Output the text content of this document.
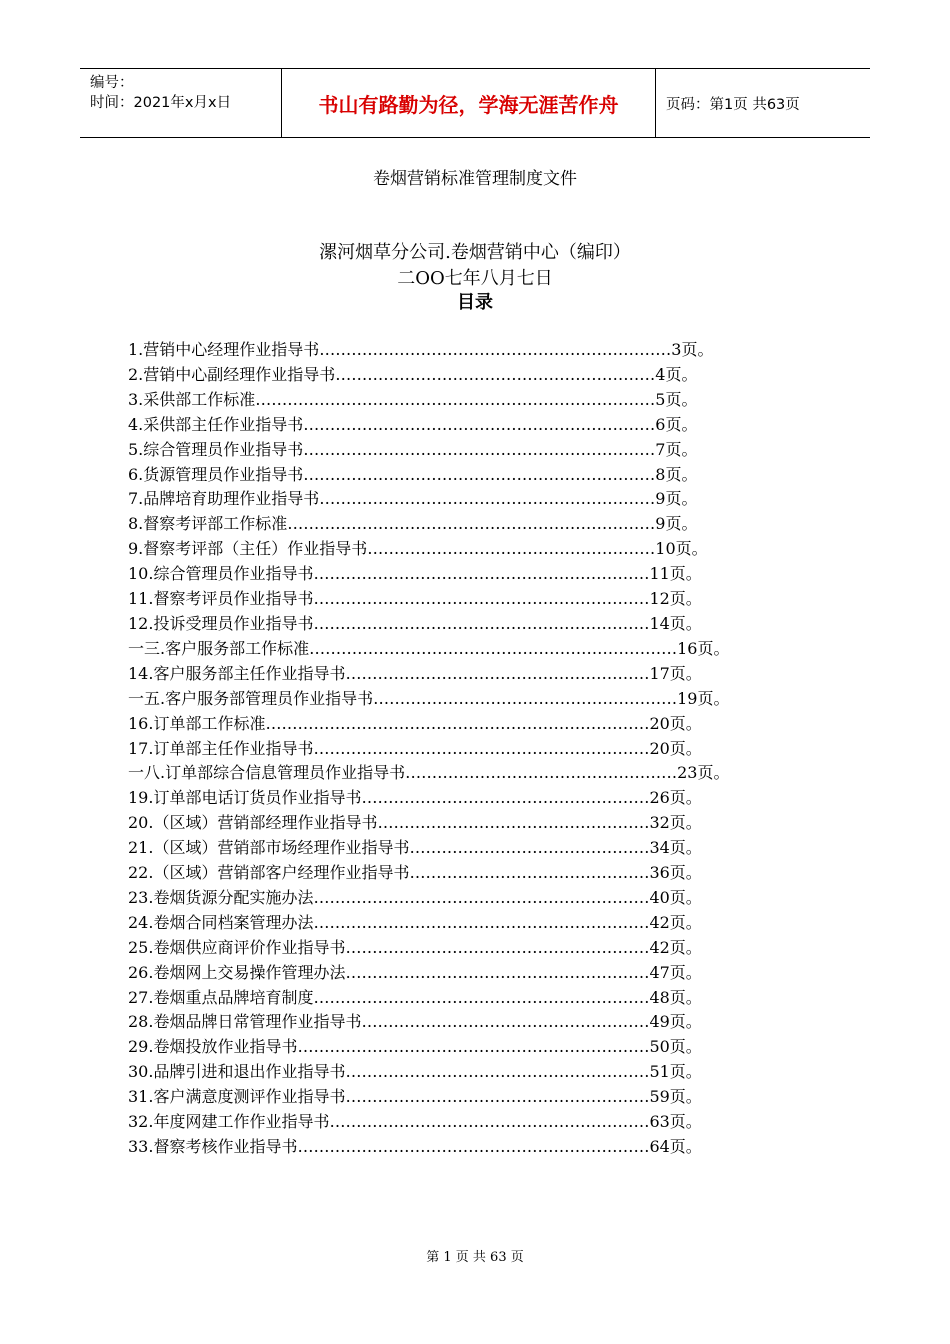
编号：
时间：2021年x月x日	书山有路勤为径，学海无涯苦作舟	页码：第1页 共63页
卷烟营销标准管理制度文件
漯河烟草分公司.卷烟营销中心（编印）
二OO七年八月七日
目录
1.营销中心经理作业指导书…………………………………………………………3页。
2.营销中心副经理作业指导书……………………………………………………4页。
3.采供部工作标准…………………………………………………………………5页。
4.采供部主任作业指导书…………………………………………………………6页。
5.综合管理员作业指导书…………………………………………………………7页。
6.货源管理员作业指导书…………………………………………………………8页。
7.品牌培育助理作业指导书………………………………………………………9页。
8.督察考评部工作标准……………………………………………………………9页。
9.督察考评部（主任）作业指导书………………………………………………10页。
10.综合管理员作业指导书………………………………………………………11页。
11.督察考评员作业指导书………………………………………………………12页。
12.投诉受理员作业指导书………………………………………………………14页。
一三.客户服务部工作标准……………………………………………………………16页。
14.客户服务部主任作业指导书…………………………………………………17页。
一五.客户服务部管理员作业指导书…………………………………………………19页。
16.订单部工作标准………………………………………………………………20页。
17.订单部主任作业指导书………………………………………………………20页。
一八.订单部综合信息管理员作业指导书……………………………………………23页。
19.订单部电话订货员作业指导书………………………………………………26页。
20.（区域）营销部经理作业指导书……………………………………………32页。
21.（区域）营销部市场经理作业指导书………………………………………34页。
22.（区域）营销部客户经理作业指导书………………………………………36页。
23.卷烟货源分配实施办法………………………………………………………40页。
24.卷烟合同档案管理办法………………………………………………………42页。
25.卷烟供应商评价作业指导书…………………………………………………42页。
26.卷烟网上交易操作管理办法…………………………………………………47页。
27.卷烟重点品牌培育制度………………………………………………………48页。
28.卷烟品牌日常管理作业指导书………………………………………………49页。
29.卷烟投放作业指导书…………………………………………………………50页。
30.品牌引进和退出作业指导书…………………………………………………51页。
31.客户满意度测评作业指导书…………………………………………………59页。
32.年度网建工作作业指导书……………………………………………………63页。
33.督察考核作业指导书…………………………………………………………64页。
第 1 页 共 63 页
